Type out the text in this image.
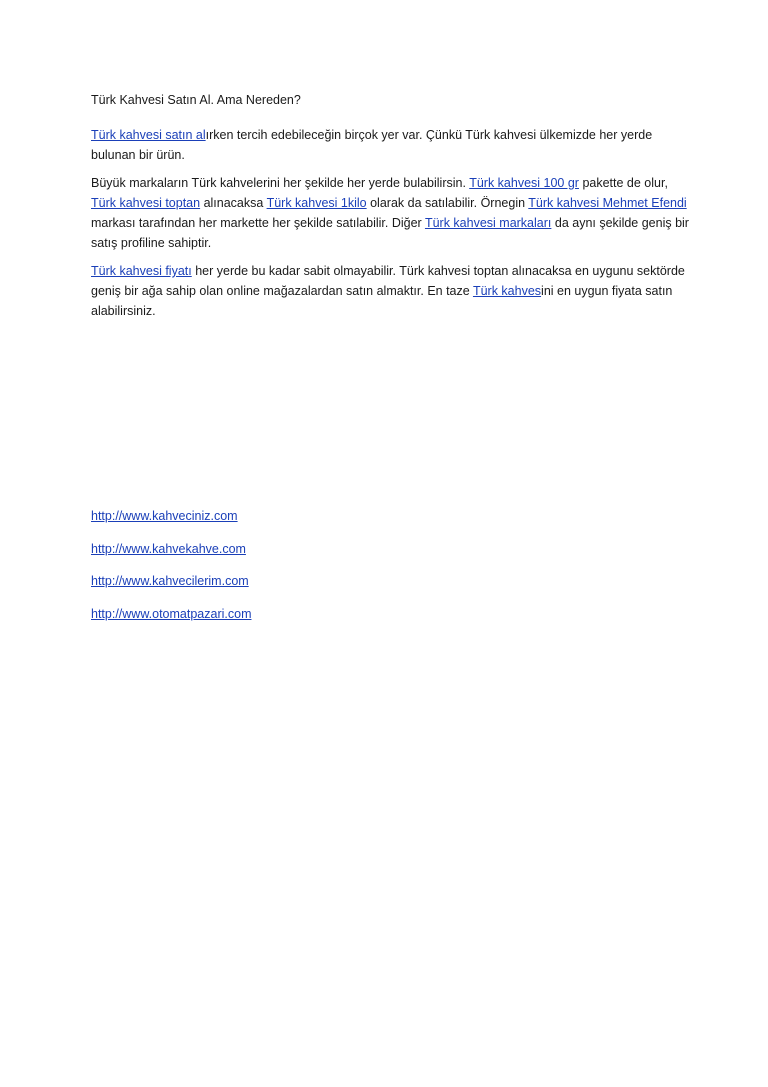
Türk Kahvesi Satın Al. Ama Nereden?

Türk kahvesi satın alırken tercih edebileceğin birçok yer var. Çünkü Türk kahvesi ülkemizde her yerde bulunan bir ürün.

Büyük markaların Türk kahvelerini her şekilde her yerde bulabilirsin. Türk kahvesi 100 gr pakette de olur, Türk kahvesi toptan alınacaksa Türk kahvesi 1kilo olarak da satılabilir. Örnegin Türk kahvesi Mehmet Efendi markası tarafından her markette her şekilde satılabilir. Diğer Türk kahvesi markaları da aynı şekilde geniş bir satış profiline sahiptir.

Türk kahvesi fiyatı her yerde bu kadar sabit olmayabilir. Türk kahvesi toptan alınacaksa en uygunu sektörde geniş bir ağa sahip olan online mağazalardan satın almaktır. En taze Türk kahvesini en uygun fiyata satın alabilirsiniz.

http://www.kahveciniz.com
http://www.kahvekahve.com
http://www.kahvecilerim.com
http://www.otomatpazari.com
